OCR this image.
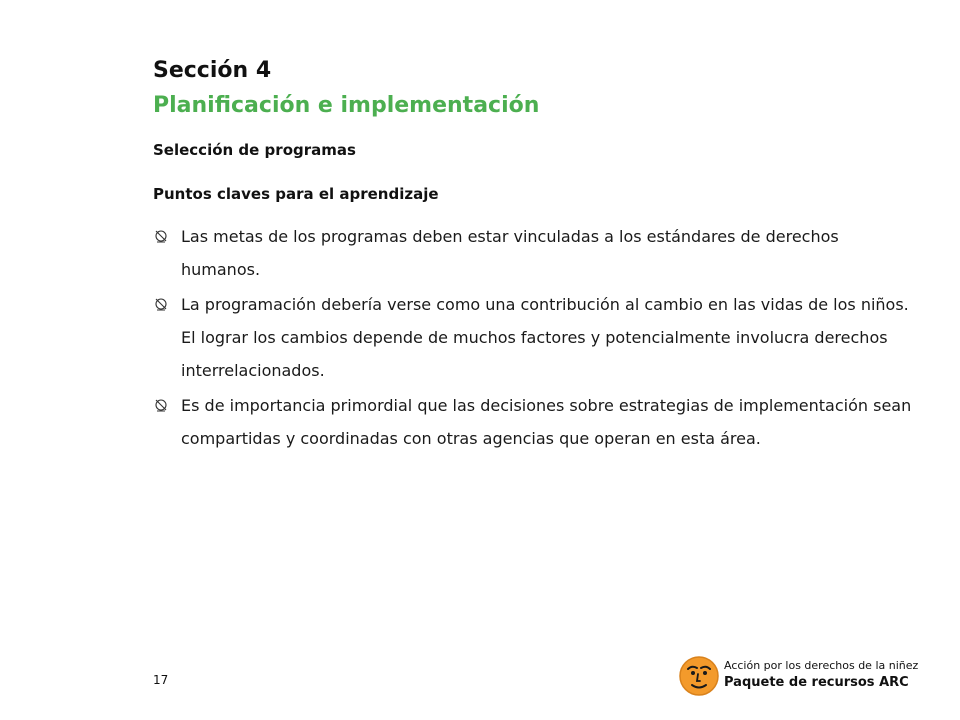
Sección 4
Planificación e implementación
Selección de programas
Puntos claves para el aprendizaje
Las metas de los programas deben estar vinculadas a los estándares de derechos humanos.
La programación debería verse como una contribución al cambio en las vidas de los niños. El lograr los cambios depende de muchos factores y potencialmente involucra derechos interrelacionados.
Es de importancia primordial que las decisiones sobre estrategias de implementación sean compartidas y coordinadas con otras agencias que operan en esta área.
17
Acción por los derechos de la niñez
Paquete de recursos ARC
